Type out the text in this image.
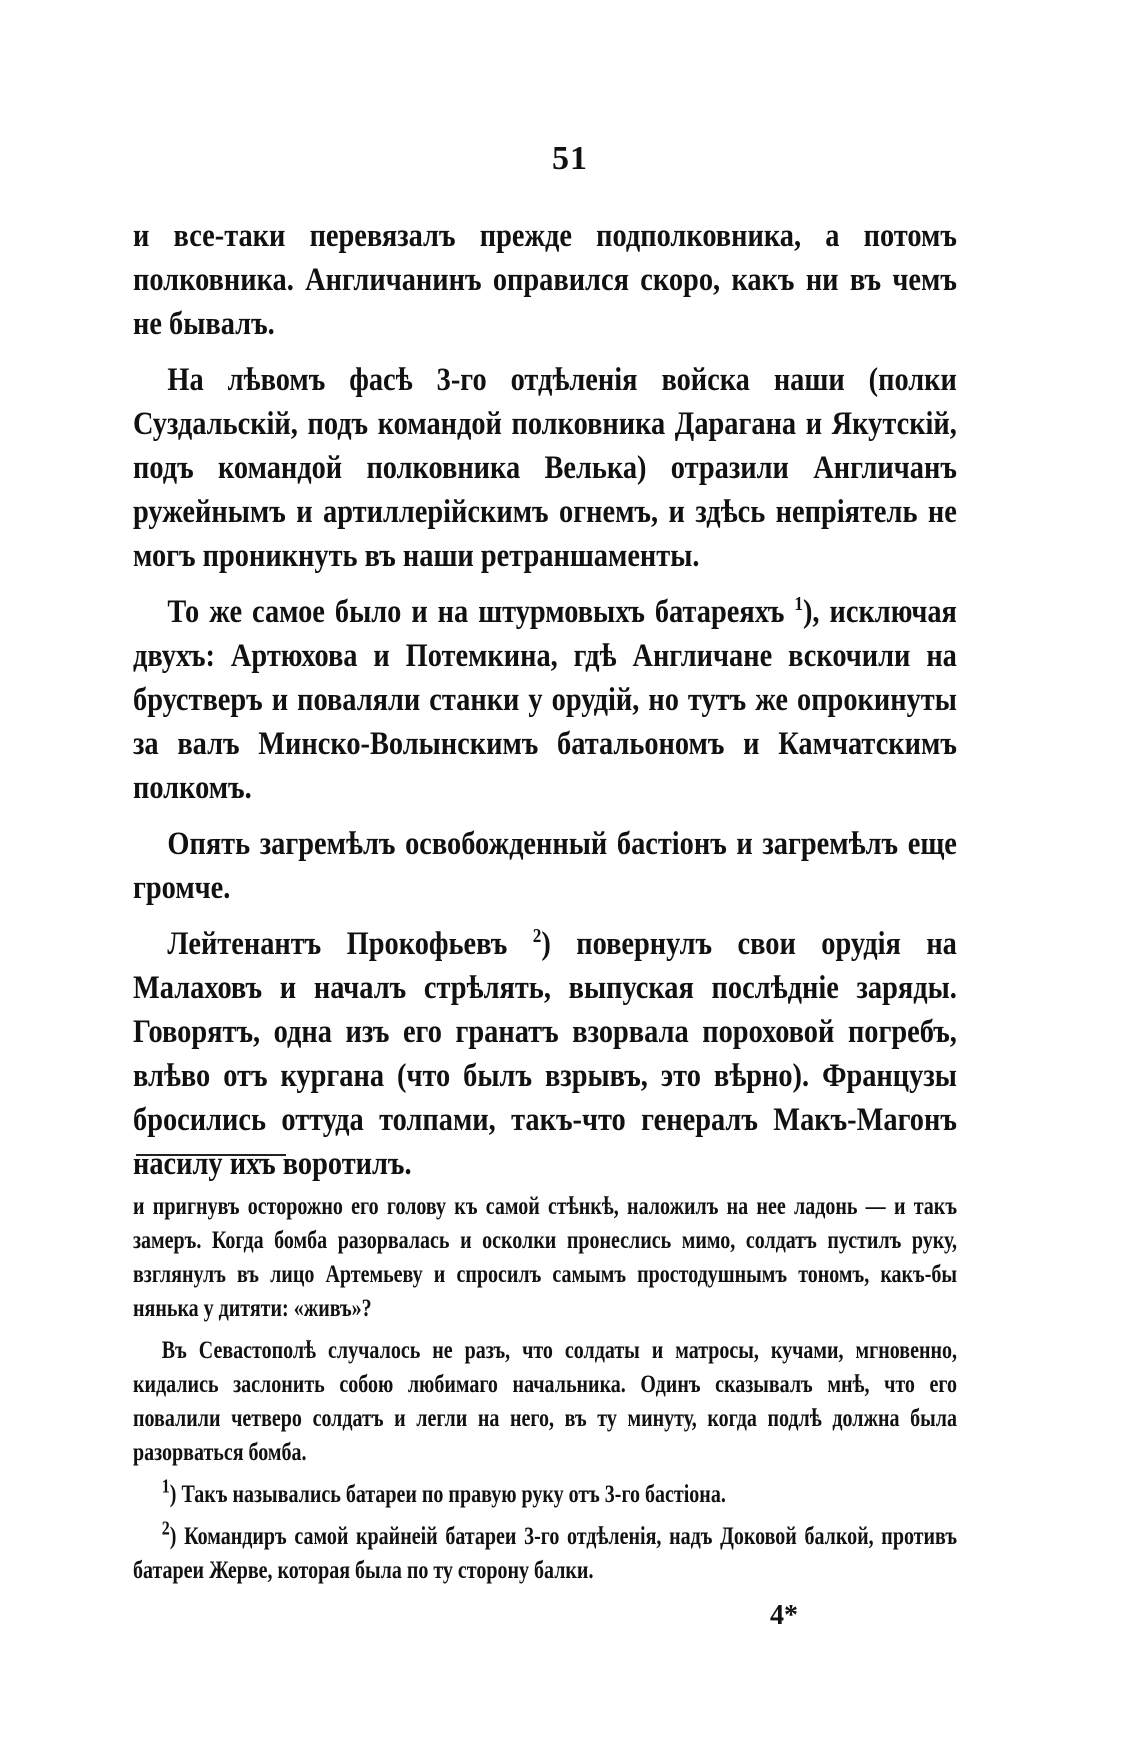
51

и все-таки перевязалъ прежде подполковника, а потомъ полковника. Англичанинъ оправился скоро, какъ ни въ чемъ не бывалъ.

На лѣвомъ фасѣ 3-го отдѣленія войска наши (полки Суздальскій, подъ командой полковника Дарагана и Якутскій, подъ командой полковника Велька) отразили Англичанъ ружейнымъ и артиллерійскимъ огнемъ, и здѣсь непріятель не могъ проникнуть въ наши ретраншаменты.

То же самое было и на штурмовыхъ батареяхъ $^1$), исключая двухъ: Артюхова и Потемкина, гдѣ Англичане вскочили на брустверъ и поваляли станки у орудій, но тутъ же опрокинуты за валъ Минско-Волынскимъ батальономъ и Камчатскимъ полкомъ.

Опять загремѣлъ освобожденный бастіонъ и загремѣлъ еще громче.

Лейтенантъ Прокофьевъ $^2$) повернулъ свои орудія на Малаховъ и началъ стрѣлять, выпуская послѣдніе заряды. Говорятъ, одна изъ его гранатъ взорвала пороховой погребъ, влѣво отъ кургана (что былъ взрывъ, это вѣрно). Французы бросились оттуда толпами, такъ-что генералъ Макъ-Магонъ насилу ихъ воротилъ.

и пригнувъ осторожно его голову къ самой стѣнкѣ, наложилъ на нее ладонь — и такъ замеръ. Когда бомба разорвалась и осколки пронеслись мимо, солдатъ пустилъ руку, взглянулъ въ лицо Артемьеву и спросилъ самымъ простодушнымъ тономъ, какъ-бы нянька у дитяти: «живъ»?

Въ Севастополѣ случалось не разъ, что солдаты и матросы, кучами, мгновенно, кидались заслонить собою любимаго начальника. Одинъ сказывалъ мнѣ, что его повалили четверо солдатъ и легли на него, въ ту минуту, когда подлѣ должна была разорваться бомба.

$^1$) Такъ назывались батареи по правую руку отъ 3-го бастіона.

$^2$) Командиръ самой крайнеій батареи 3-го отдѣленія, надъ Доковой балкой, противъ батареи Жерве, которая была по ту сторону балки.

4*
